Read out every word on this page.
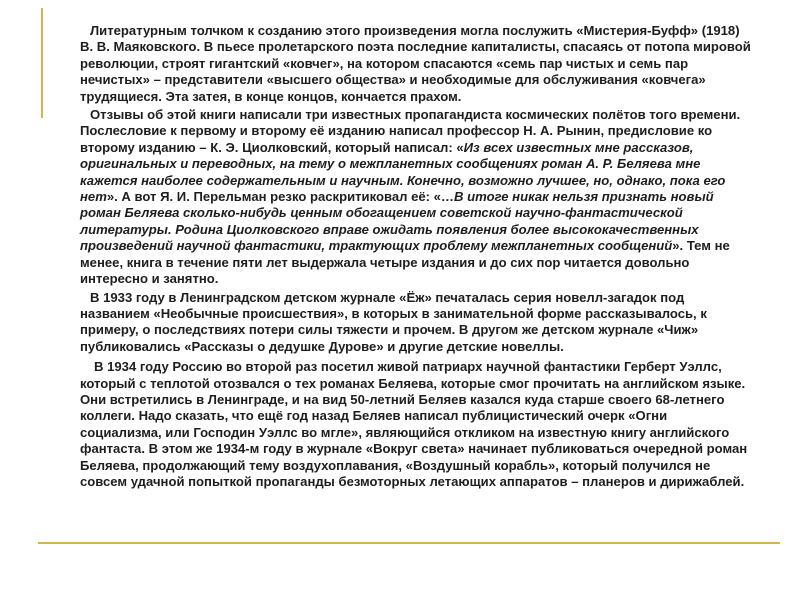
Литературным толчком к созданию этого произведения могла послужить «Мистерия-Буфф» (1918) В. В. Маяковского. В пьесе пролетарского поэта последние капиталисты, спасаясь от потопа мировой революции, строят гигантский «ковчег», на котором спасаются «семь пар чистых и семь пар нечистых» – представители «высшего общества» и необходимые для обслуживания «ковчега» трудящиеся. Эта затея, в конце концов, кончается прахом.

Отзывы об этой книги написали три известных пропагандиста космических полётов того времени. Послесловие к первому и второму её изданию написал профессор Н. А. Рынин, предисловие ко второму изданию – К. Э. Циолковский, который написал: «Из всех известных мне рассказов, оригинальных и переводных, на тему о межпланетных сообщениях роман А. Р. Беляева мне кажется наиболее содержательным и научным. Конечно, возможно лучшее, но, однако, пока его нет». А вот Я. И. Перельман резко раскритиковал её: «…В итоге никак нельзя признать новый роман Беляева сколько-нибудь ценным обогащением советской научно-фантастической литературы. Родина Циолковского вправе ожидать появления более высококачественных произведений научной фантастики, трактующих проблему межпланетных сообщений». Тем не менее, книга в течение пяти лет выдержала четыре издания и до сих пор читается довольно интересно и занятно.

В 1933 году в Ленинградском детском журнале «Ёж» печаталась серия новелл-загадок под названием «Необычные происшествия», в которых в занимательной форме рассказывалось, к примеру, о последствиях потери силы тяжести и прочем. В другом же детском журнале «Чиж» публиковались «Рассказы о дедушке Дурове» и другие детские новеллы.

В 1934 году Россию во второй раз посетил живой патриарх научной фантастики Герберт Уэллс, который с теплотой отозвался о тех романах Беляева, которые смог прочитать на английском языке. Они встретились в Ленинграде, и на вид 50-летний Беляев казался куда старше своего 68-летнего коллеги. Надо сказать, что ещё год назад Беляев написал публицистический очерк «Огни социализма, или Господин Уэллс во мгле», являющийся откликом на известную книгу английского фантаста. В этом же 1934-м году в журнале «Вокруг света» начинает публиковаться очередной роман Беляева, продолжающий тему воздухоплавания, «Воздушный корабль», который получился не совсем удачной попыткой пропаганды безмоторных летающих аппаратов – планеров и дирижаблей.
